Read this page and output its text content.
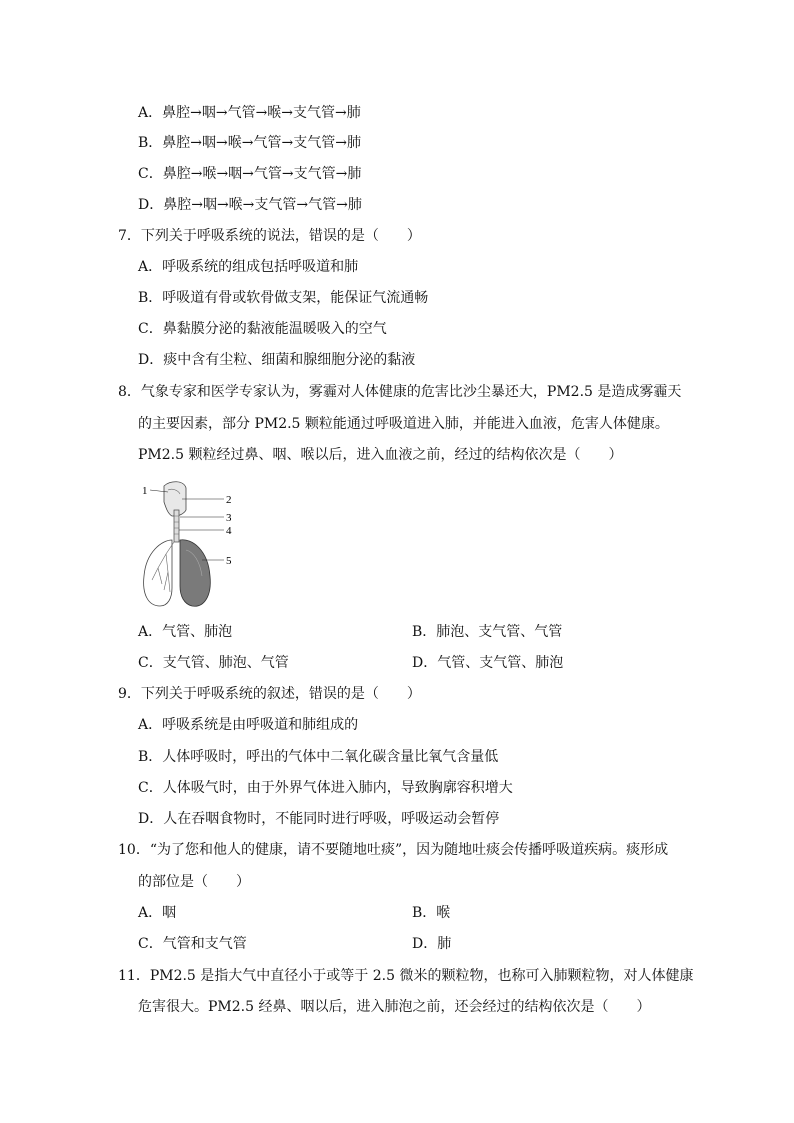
A．鼻腔→咽→气管→喉→支气管→肺
B．鼻腔→咽→喉→气管→支气管→肺
C．鼻腔→喉→咽→气管→支气管→肺
D．鼻腔→咽→喉→支气管→气管→肺
7．下列关于呼吸系统的说法，错误的是（　　）
A．呼吸系统的组成包括呼吸道和肺
B．呼吸道有骨或软骨做支架，能保证气流通畅
C．鼻黏膜分泌的黏液能温暖吸入的空气
D．痰中含有尘粒、细菌和腺细胞分泌的黏液
8．气象专家和医学专家认为，雾霾对人体健康的危害比沙尘暴还大，PM2.5 是造成雾霾天
的主要因素，部分 PM2.5 颗粒能通过呼吸道进入肺，并能进入血液，危害人体健康。
PM2.5 颗粒经过鼻、咽、喉以后，进入血液之前，经过的结构依次是（　　）
1
2
3
4
5
A．气管、肺泡	B．肺泡、支气管、气管
C．支气管、肺泡、气管	D．气管、支气管、肺泡
9．下列关于呼吸系统的叙述，错误的是（　　）
A．呼吸系统是由呼吸道和肺组成的
B．人体呼吸时，呼出的气体中二氧化碳含量比氧气含量低
C．人体吸气时，由于外界气体进入肺内，导致胸廓容积增大
D．人在吞咽食物时，不能同时进行呼吸，呼吸运动会暂停
10．“为了您和他人的健康，请不要随地吐痰”，因为随地吐痰会传播呼吸道疾病。痰形成
的部位是（　　）
A．咽	B．喉
C．气管和支气管	D．肺
11．PM2.5 是指大气中直径小于或等于 2.5 微米的颗粒物，也称可入肺颗粒物，对人体健康
危害很大。PM2.5 经鼻、咽以后，进入肺泡之前，还会经过的结构依次是（　　）
